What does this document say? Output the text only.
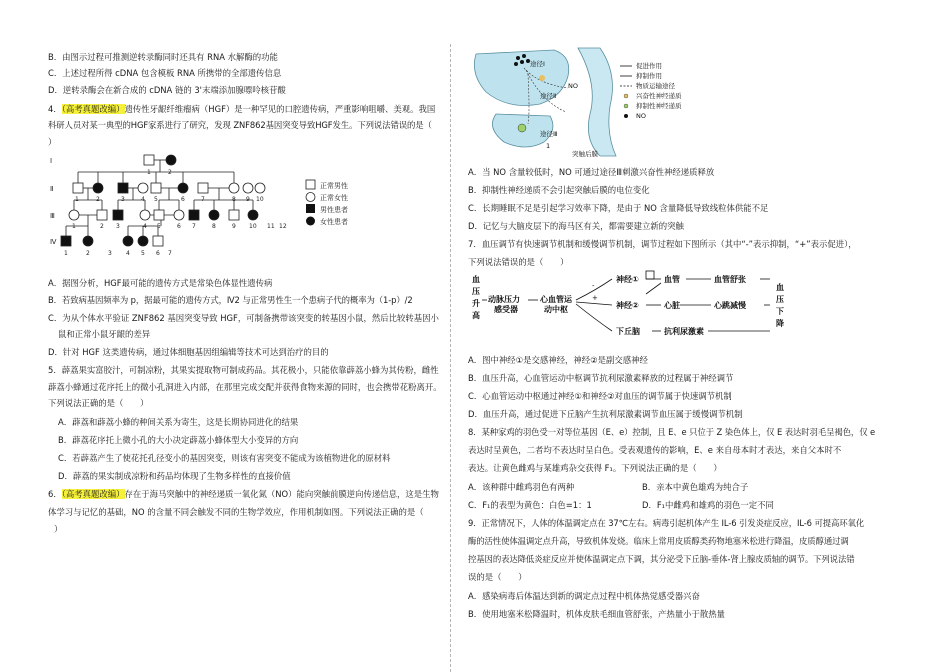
B．由图示过程可推测逆转录酶同时还具有 RNA 水解酶的功能
C．上述过程所得 cDNA 包含模板 RNA 所携带的全部遗传信息
D．逆转录酶会在新合成的 cDNA 链的 3'末端添加腺嘌呤核苷酸
4．（高考真题改编）遗传性牙龈纤维瘤病（HGF）是一种罕见的口腔遗传病，严重影响咀嚼、美观。我国
科研人员对某一典型的HGF家系进行了研究，发现 ZNF862基因突变导致HGF发生。下列说法错误的是（
）
Ⅰ
Ⅱ
Ⅲ
Ⅳ
1	2
1	2	3	4 5	6	7	8 9 10
1	2 3	4 5	6 7	8	9 10 11 12
1	2	3 4 5 6 7
正常男性
正常女性
男性患者
女性患者
A．据图分析，HGF最可能的遗传方式是常染色体显性遗传病
B．若致病基因频率为 p，据最可能的遗传方式，Ⅳ2 与正常男性生一个患病子代的概率为（1-p）/2
C．为从个体水平验证 ZNF862 基因突变导致 HGF，可制备携带该突变的转基因小鼠，然后比较转基因小
鼠和正常小鼠牙龈的差异
D．针对 HGF 这类遗传病，通过体细胞基因组编辑等技术可达到治疗的目的
5．薜荔果实富胶汁，可制凉粉，其果实提取物可制成药品。其花极小，只能依靠薜荔小蜂为其传粉，雌性
薜荔小蜂通过花序托上的微小孔洞进入内部，在那里完成交配并获得食物来源的同时，也会携带花粉离开。
下列说法正确的是（　　）
A．薜荔和薜荔小蜂的种间关系为寄生，这是长期协同进化的结果
B．薜荔花序托上微小孔的大小决定薜荔小蜂体型大小变异的方向
C．若薜荔产生了使花托孔径变小的基因突变，则该有害突变不能成为该植物进化的原材料
D．薜荔的果实制成凉粉和药品均体现了生物多样性的直接价值
6．（高考真题改编）存在于海马突触中的神经递质一氧化氮（NO）能向突触前膜逆向传递信息，这是生物
体学习与记忆的基础，NO 的含量不同会触发不同的生物学效应，作用机制如图。下列说法正确的是（
）
途径Ⅰ
途径Ⅱ
途径Ⅲ
NO
1
突触后膜
促进作用
抑制作用
物质运输途径
兴奋性神经递质
抑制性神经递质
NO
A．当 NO 含量较低时，NO 可通过途径Ⅲ刺激兴奋性神经递质释放
B．抑制性神经递质不会引起突触后膜的电位变化
C．长期睡眠不足是引起学习效率下降，是由于 NO 含量降低导致线粒体供能不足
D．记忆与大脑皮层下的海马区有关，都需要建立新的突触
7．血压调节有快速调节机制和缓慢调节机制，调节过程如下图所示（其中“-”表示抑制，“+”表示促进），
下列说法错误的是（　　）
血
压
升
高
动脉压力
感受器
心血管运
动中枢
神经①
神经②
下丘脑
血管
心脏
抗利尿激素
血管舒张
心跳减慢
血
压
下
降
血压升高
动脉压力感受器
心血管运动中枢
血压下降
-
+
A．图中神经①是交感神经，神经②是副交感神经
B．血压升高，心血管运动中枢调节抗利尿激素释放的过程属于神经调节
C．心血管运动中枢通过神经①和神经②对血压的调节属于快速调节机制
D．血压升高，通过促进下丘脑产生抗利尿激素调节血压属于缓慢调节机制
8．某种家鸡的羽色受一对等位基因（E、e）控制，且 E、e 只位于 Z 染色体上，仅 E 表达时羽毛呈褐色，仅 e
表达时呈黄色，二者均不表达时呈白色。受表观遗传的影响，E、e 来自母本时才表达，来自父本时不
表达。让黄色雌鸡与某雄鸡杂交获得 F₁。下列说法正确的是（　　）
A．该种群中雌鸡羽色有两种	B．亲本中黄色雄鸡为纯合子
C．F₁的表型为黄色：白色=1：1	D．F₁中雌鸡和雄鸡的羽色一定不同
9．正常情况下，人体的体温调定点在 37℃左右。病毒引起机体产生 IL-6 引发炎症反应，IL-6 可提高环氧化
酶的活性使体温调定点升高，导致机体发烧。临床上常用皮质醇类药物地塞米松进行降温，皮质醇通过调
控基因的表达降低炎症反应并使体温调定点下调，其分泌受下丘脑-垂体-肾上腺皮质轴的调节。下列说法错
误的是（　　）
A．感染病毒后体温达到新的调定点过程中机体热觉感受器兴奋
B．使用地塞米松降温时，机体皮肤毛细血管舒张，产热量小于散热量
